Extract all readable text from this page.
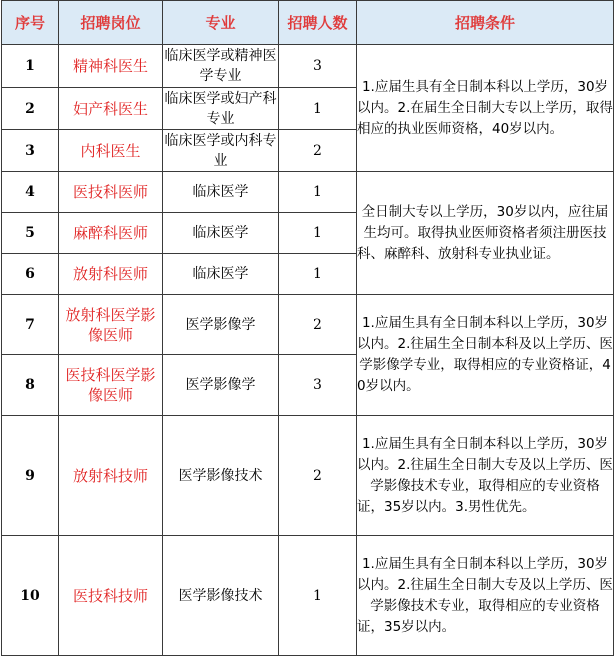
序号	招聘岗位	专业	招聘人数	招聘条件
1	精神科医生	临床医学或精神医学专业	3	1.应届生具有全日制本科以上学历，30岁以内。2.在届生全日制大专以上学历，取得相应的执业医师资格，40岁以内。
2	妇产科医生	临床医学或妇产科专业	1	
3	内科医生	临床医学或内科专业	2	
4	医技科医师	临床医学	1	全日制大专以上学历，30岁以内，应往届生均可。取得执业医师资格者须注册医技科、麻醉科、放射科专业执业证。
5	麻醉科医师	临床医学	1	
6	放射科医师	临床医学	1	
7	放射科医学影像医师	医学影像学	2	1.应届生具有全日制本科以上学历，30岁以内。2.往届生全日制本科及以上学历、医学影像学专业，取得相应的专业资格证，40岁以内。
8	医技科医学影像医师	医学影像学	3	
9	放射科技师	医学影像技术	2	1.应届生具有全日制本科以上学历，30岁以内。2.往届生全日制大专及以上学历、医学影像技术专业，取得相应的专业资格证，35岁以内。3.男性优先。
10	医技科技师	医学影像技术	1	1.应届生具有全日制本科以上学历，30岁以内。2.往届生全日制大专及以上学历、医学影像技术专业，取得相应的专业资格证，35岁以内。
